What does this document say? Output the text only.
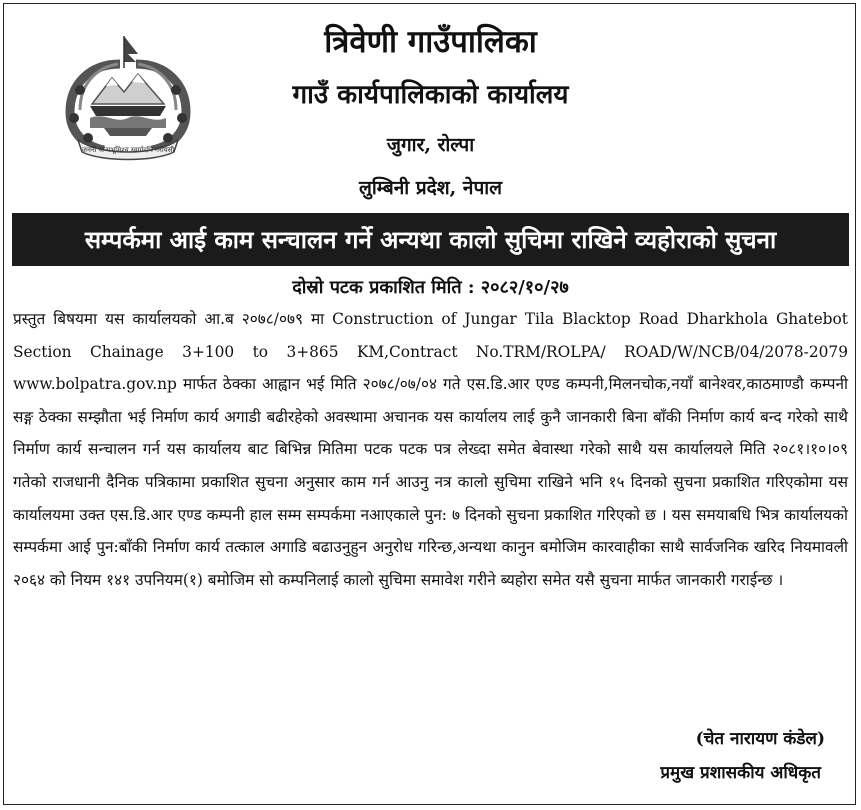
जननी जन्मभूमिश्च स्वर्गादपि गरीयसी
त्रिवेणी गाउँपालिका
गाउँ कार्यपालिकाको कार्यालय
जुगार, रोल्पा
लुम्बिनी प्रदेश, नेपाल
सम्पर्कमा आई काम सन्चालन गर्ने अन्यथा कालो सुचिमा राखिने व्यहोराको सुचना
दोस्रो पटक प्रकाशित मिति : २०८२/१०/२७

प्रस्तुत बिषयमा यस कार्यालयको आ.ब २०७८/०७९ मा Construction of Jungar Tila Blacktop Road Dharkhola Ghatebot Section Chainage 3+100 to 3+865 KM,Contract No.TRM/ROLPA/ ROAD/W/NCB/04/2078-2079 www.bolpatra.gov.np मार्फत ठेक्का आह्वान भई मिति २०७८/०७/०४ गते एस.डि.आर एण्ड कम्पनी,मिलनचोक,नयाँ बानेश्वर,काठमाण्डौ कम्पनी सङ्ग ठेक्का सम्झौता भई निर्माण कार्य अगाडी बढीरहेको अवस्थामा अचानक यस कार्यालय लाई कुनै जानकारी बिना बाँकी निर्माण कार्य बन्द गरेको साथै निर्माण कार्य सन्चालन गर्न यस कार्यालय बाट बिभिन्न मितिमा पटक पटक पत्र लेख्दा समेत बेवास्था गरेको साथै यस कार्यालयले मिति २०८१।१०।०९ गतेको राजधानी दैनिक पत्रिकामा प्रकाशित सुचना अनुसार काम गर्न आउनु नत्र कालो सुचिमा राखिने भनि १५ दिनको सुचना प्रकाशित गरिएकोमा यस कार्यालयमा उक्त एस.डि.आर एण्ड कम्पनी हाल सम्म सम्पर्कमा नआएकाले पुन: ७ दिनको सुचना प्रकाशित गरिएको छ । यस समयाबधि भित्र कार्यालयको सम्पर्कमा आई पुन:बाँकी निर्माण कार्य तत्काल अगाडि बढाउनुहुन अनुरोध गरिन्छ,अन्यथा कानुन बमोजिम कारवाहीका साथै सार्वजनिक खरिद नियमावली २०६४ को नियम १४१ उपनियम(१) बमोजिम सो कम्पनिलाई कालो सुचिमा समावेश गरीने ब्यहोरा समेत यसै सुचना मार्फत जानकारी गराईन्छ ।

(चेत नारायण कंडेल)
प्रमुख प्रशासकीय अधिकृत
